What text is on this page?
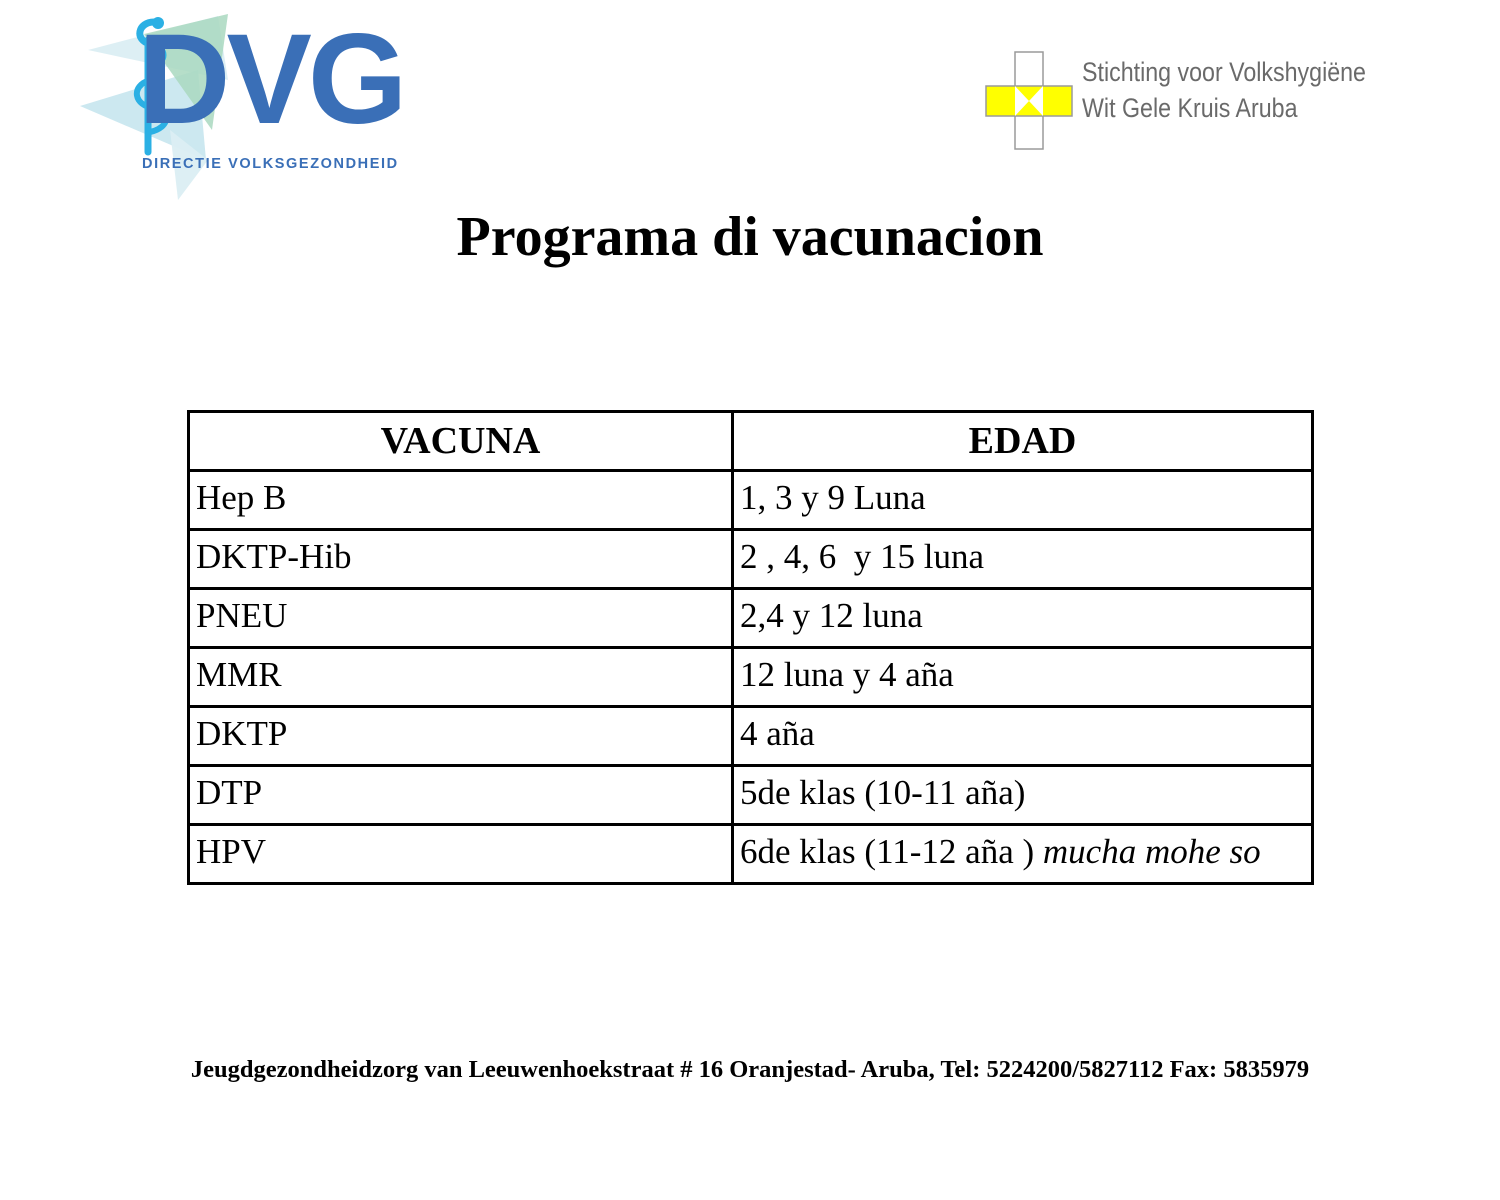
DVG
DIRECTIE VOLKSGEZONDHEID
Stichting voor Volkshygiëne
Wit Gele Kruis Aruba
Programa di vacunacion
VACUNA	EDAD
Hep B	1, 3 y 9 Luna
DKTP-Hib	2 , 4, 6  y 15 luna
PNEU	2,4 y 12 luna
MMR	12 luna y 4 aña
DKTP	4 aña
DTP	5de klas (10-11 aña)
HPV	6de klas (11-12 aña ) mucha mohe so
Jeugdgezondheidzorg van Leeuwenhoekstraat # 16 Oranjestad- Aruba, Tel: 5224200/5827112 Fax: 5835979
